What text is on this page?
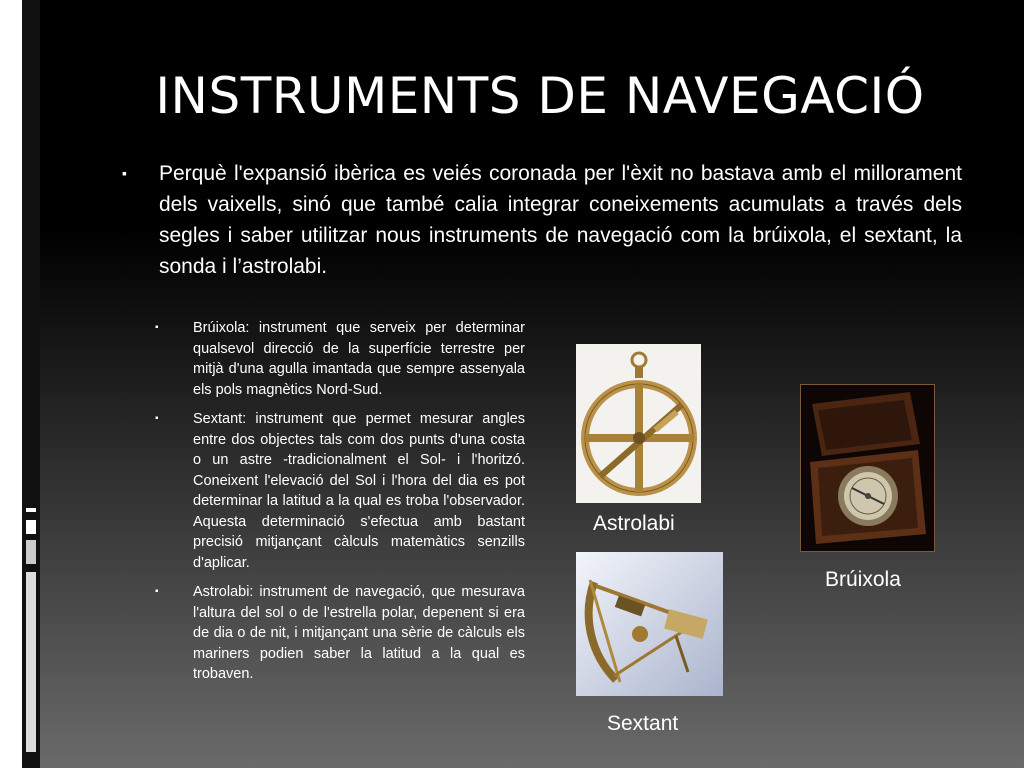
INSTRUMENTS DE NAVEGACIÓ
▪ Perquè l'expansió ibèrica es veiés coronada per l'èxit no bastava amb el millorament dels vaixells, sinó que també calia integrar coneixements acumulats a través dels segles i saber utilitzar nous instruments de navegació com la brúixola, el sextant, la sonda i l’astrolabi.

▪ Brúixola: instrument que serveix per determinar qualsevol direcció de la superfície terrestre per mitjà d'una agulla imantada que sempre assenyala els pols magnètics Nord-Sud.
▪ Sextant: instrument que permet mesurar angles entre dos objectes tals com dos punts d'una costa o un astre -tradicionalment el Sol- i l'horitzó. Coneixent l'elevació del Sol i l'hora del dia es pot determinar la latitud a la qual es troba l'observador. Aquesta determinació s'efectua amb bastant precisió mitjançant càlculs matemàtics senzills d'aplicar.
▪ Astrolabi: instrument de navegació, que mesurava l'altura del sol o de l'estrella polar, depenent si era de dia o de nit, i mitjançant una sèrie de càlculs els mariners podien saber la latitud a la qual es trobaven.
Astrolabi
Brúixola
Sextant
